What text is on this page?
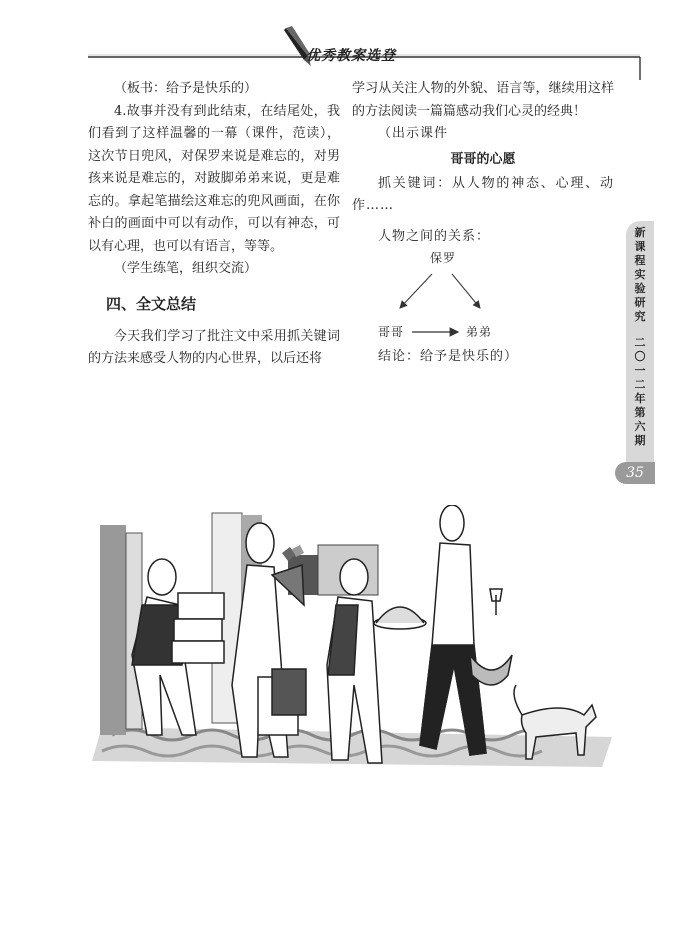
优秀教案选登

（板书：给予是快乐的）

4.故事并没有到此结束，在结尾处，我们看到了这样温馨的一幕（课件，范读），这次节日兜风，对保罗来说是难忘的，对男孩来说是难忘的，对跛脚弟弟来说，更是难忘的。拿起笔描绘这难忘的兜风画面，在你补白的画面中可以有动作，可以有神态，可以有心理，也可以有语言，等等。

（学生练笔，组织交流）

四、全文总结

今天我们学习了批注文中采用抓关键词的方法来感受人物的内心世界，以后还将

学习从关注人物的外貌、语言等，继续用这样的方法阅读一篇篇感动我们心灵的经典！

（出示课件

哥哥的心愿

抓关键词：从人物的神态、心理、动作……

人物之间的关系：

保罗
哥哥	弟弟

结论：给予是快乐的）

新课程实验研究
二〇一二年第六期
35
